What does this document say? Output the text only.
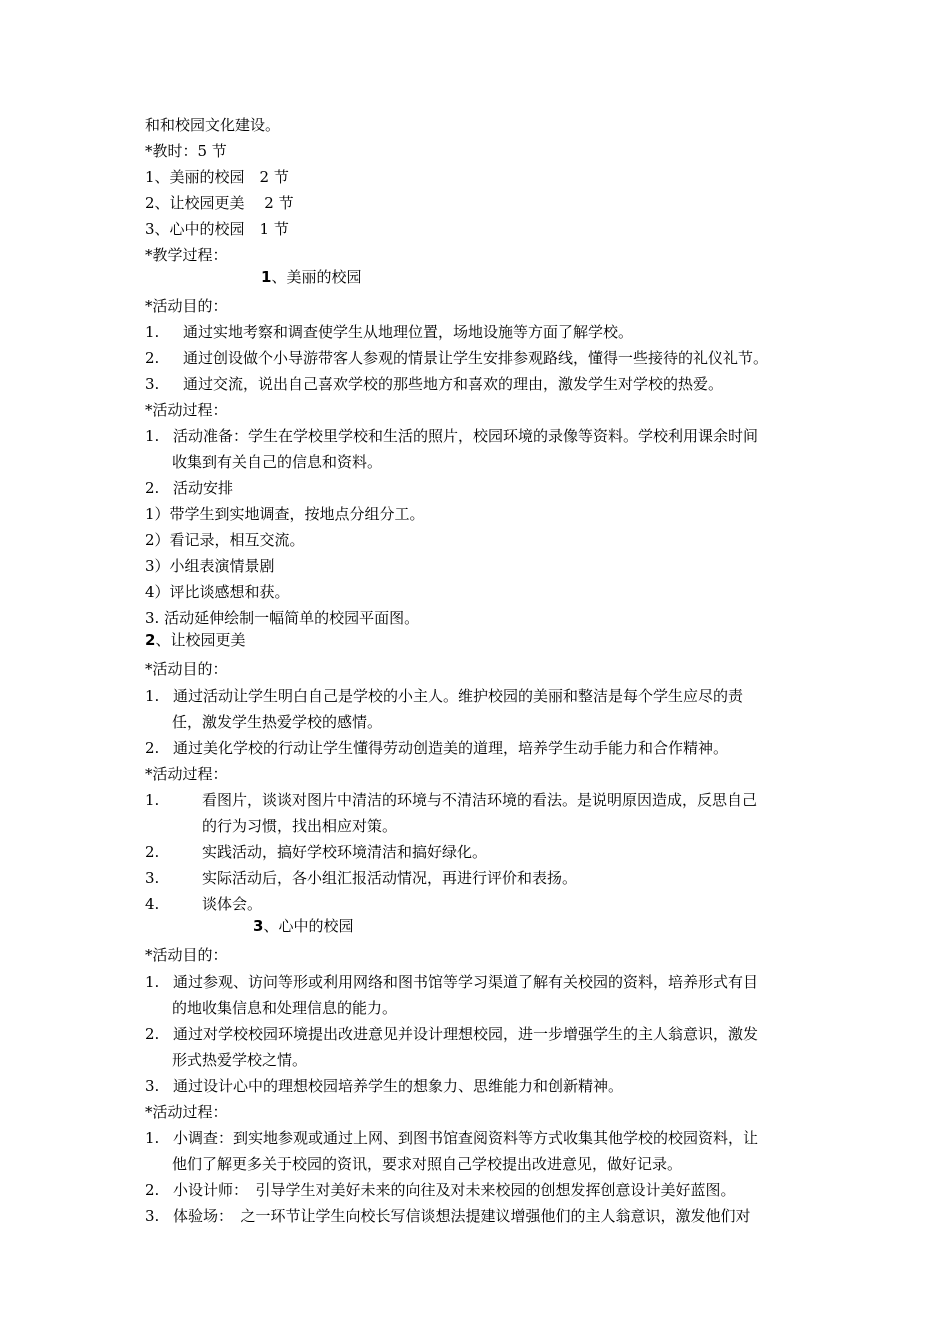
和和校园文化建设。
*教时：5 节
1、美丽的校园　2 节
2、让校园更美　 2 节
3、心中的校园　1 节
*教学过程：
1、美丽的校园
*活动目的：
1. 通过实地考察和调查使学生从地理位置，场地设施等方面了解学校。
2. 通过创设做个小导游带客人参观的情景让学生安排参观路线，懂得一些接待的礼仪礼节。
3. 通过交流，说出自己喜欢学校的那些地方和喜欢的理由，激发学生对学校的热爱。
*活动过程：
1. 活动准备：学生在学校里学校和生活的照片，校园环境的录像等资料。学校利用课余时间
收集到有关自己的信息和资料。
2. 活动安排
1）带学生到实地调查，按地点分组分工。
2）看记录，相互交流。
3）小组表演情景剧
4）评比谈感想和获。
3. 活动延伸绘制一幅简单的校园平面图。
2、让校园更美
*活动目的：
1. 通过活动让学生明白自己是学校的小主人。维护校园的美丽和整洁是每个学生应尽的责
任，激发学生热爱学校的感情。
2. 通过美化学校的行动让学生懂得劳动创造美的道理，培养学生动手能力和合作精神。
*活动过程：
1.	看图片，谈谈对图片中清洁的环境与不清洁环境的看法。是说明原因造成，反思自己
的行为习惯，找出相应对策。
2.	实践活动，搞好学校环境清洁和搞好绿化。
3.	实际活动后，各小组汇报活动情况，再进行评价和表扬。
4.	谈体会。
3、心中的校园
*活动目的：
1. 通过参观、访问等形或利用网络和图书馆等学习渠道了解有关校园的资料，培养形式有目
的地收集信息和处理信息的能力。
2. 通过对学校校园环境提出改进意见并设计理想校园，进一步增强学生的主人翁意识，激发
形式热爱学校之情。
3. 通过设计心中的理想校园培养学生的想象力、思维能力和创新精神。
*活动过程：
1. 小调查：到实地参观或通过上网、到图书馆查阅资料等方式收集其他学校的校园资料，让
他们了解更多关于校园的资讯，要求对照自己学校提出改进意见，做好记录。
2. 小设计师：　引导学生对美好未来的向往及对未来校园的创想发挥创意设计美好蓝图。
3. 体验场：　之一环节让学生向校长写信谈想法提建议增强他们的主人翁意识，激发他们对
